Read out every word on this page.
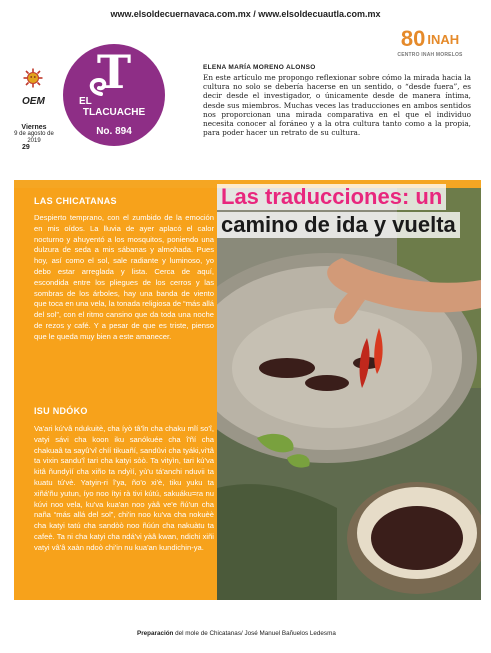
www.elsoldecuernavaca.com.mx / www.elsoldecuautla.com.mx
80 INAH
CENTRO INAH MORELOS
OEM
Viernes
9 de agosto de 2019
29
T
EL
TLACUACHE
No. 894
ELENA MARÍA MORENO ALONSO

En este artículo me propongo reflexionar sobre cómo la mirada hacia la cultura no solo se debería hacerse en un sentido, o “desde fuera”, es decir desde el investigador, o únicamente desde de manera íntima, desde sus miembros. Muchas veces las traducciones en ambos sentidos nos proporcionan una mirada comparativa en el que el individuo necesita conocer al foráneo y a la otra cultura tanto como a la propia, para poder hacer un retrato de su cultura.

LAS CHICATANAS

Despierto temprano, con el zumbido de la emoción en mis oídos. La lluvia de ayer aplacó el calor nocturno y ahuyentó a los mosquitos, poniendo una dulzura de seda a mis sábanas y almohada. Pues hoy, así como el sol, sale radiante y luminoso, yo debo estar arreglada y lista. Cerca de aquí, escondida entre los pliegues de los cerros y las sombras de los árboles, hay una banda de viento que toca en una vela, la tonada religiosa de “más allá del sol”, con el ritmo cansino que da toda una noche de rezos y café. Y a pesar de que es triste, pienso que le queda muy bien a este amanecer.

ISU NDÓKO

Va'ari kú'vâ ndukuitè, cha íyò tâ'în cha chaku mîí so'î, vatyi sávi cha koon iku sanókuée cha î'ñí cha chakuaâ ta sayû'vî chíí tikuañí, sandûvi cha tyáki,vi'tâ ta vixin sandu'î tari cha katyi sòò. Ta vityìn, tari kú'va kitâ ñundyìí cha xiño ta ndyìí, yù'u tá'anchi nduvii ta kuatu tú'vè. Yatyin-ri î'ya, ño'o xi'è, tiku yuku ta xiñá'ñu yutun, íyo noo ítyi rà tivi kútú, sakuáku=ra nu kúvi noo vela, ku'va kua'an noo yàâ ve'e ñú'un cha naña “más allá del sol”, chi'in noo ku'va cha nokuèè cha katyi tatú cha sandòò noo ñúún cha nakuàtu ta cafeè. Ta ni cha katyi cha ndá'vi yàâ kwan, ndichi xiñi vatyi vâ'â xaàn ndoò chi'in nu kua'an kundichin-ya.

Las traducciones: un
camino de ida y vuelta
Preparación del mole de Chicatanas/ José Manuel Bañuelos Ledesma
